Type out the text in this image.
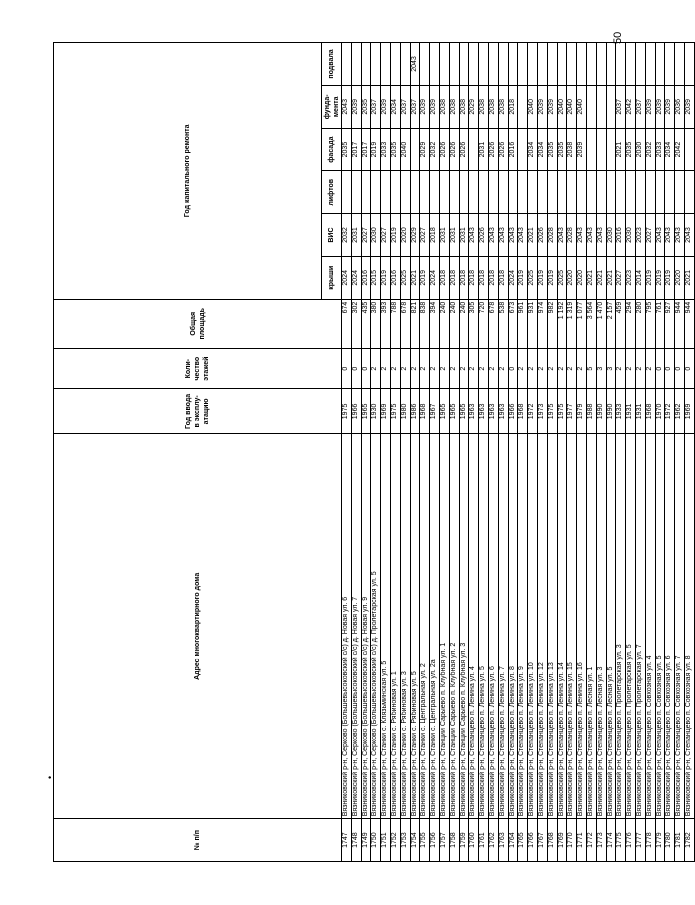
50
•
№ п/п	Адрес многоквартирного дома	Год ввода в эксплу-атацию	Коли-чество этажей	Общая площадь	Год капитального ремонта					
					крыши	ВИС	лифтов	фасада	фунда-мента	подвала
1747	Вязниковский р-н, Серково (Большевысоковский с/с) д. Новая ул. 6	1975	0	674	2024	2032		2035	2043	
1748	Вязниковский р-н, Серково (Большевысоковский с/с) д. Новая ул. 7	1966	0	302	2024	2031		2017	2039	
1749	Вязниковский р-н, Серково (Большевысоковский с/с) д. Новая ул. 9	1965	0	435	2016	2027		2017	2035	
1750	Вязниковский р-н, Серково (Большевысоковский с/с) д. Пролетарская ул. 5	1930	2	380	2015	2030		2019	2037	
1751	Вязниковский р-н, Станки с. Клязьминская ул. 5	1969	2	393	2019	2027		2033	2039	
1752	Вязниковский р-н, Станки с. Рябиновая ул. 1	1975	2	788	2016	2019		2035	2034	
1753	Вязниковский р-н, Станки с. Рябиновая ул. 3	1980	2	678	2025	2020		2040	2037	
1754	Вязниковский р-н, Станки с. Рябиновая ул. 5	1986	2	821	2021	2029			2037	2043
1755	Вязниковский р-н, Станки с. Центральная ул. 2	1968	2	838	2019	2027		2029	2039	
1756	Вязниковский р-н, Станки с. Центральная ул. 2а	1967	2	394	2024	2018		2032	2039	
1757	Вязниковский р-н, Станции Сарыево п. Клубная ул. 1	1965	2	240	2018	2031		2026	2038	
1758	Вязниковский р-н, Станции Сарыево п. Клубная ул. 2	1965	2	240	2018	2031		2026	2038	
1759	Вязниковский р-н, Станции Сарыево п. Клубная ул. 3	1965	2	240	2018	2031		2026	2038	
1760	Вязниковский р-н, Степанцево п. Ленина ул. 4	1963	2	305	2018	2043			2029	
1761	Вязниковский р-н, Степанцево п. Ленина ул. 5	1963	2	720	2018	2026		2031	2038	
1762	Вязниковский р-н, Степанцево п. Ленина ул. 6	1963	2	678	2018	2043		2026	2038	
1763	Вязниковский р-н, Степанцево п. Ленина ул. 7	1963	2	538	2018	2043		2026	2038	
1764	Вязниковский р-н, Степанцево п. Ленина ул. 8	1966	0	673	2024	2043		2016	2018	
1765	Вязниковский р-н, Степанцево п. Ленина ул. 9	1968	2	961	2019	2043				
1766	Вязниковский р-н, Степанцево п. Ленина ул. 10	1972	2	931	2025	2021		2034	2040	
1767	Вязниковский р-н, Степанцево п. Ленина ул. 12	1973	2	974	2019	2026		2034	2039	
1768	Вязниковский р-н, Степанцево п. Ленина ул. 13	1975	2	982	2019	2028		2035	2039	
1769	Вязниковский р-н, Степанцево п. Ленина ул. 14	1975	2	1 192	2025	2043		2035	2040	
1770	Вязниковский р-н, Степанцево п. Ленина ул. 15	1977	2	1 319	2020	2028		2038	2040	
1771	Вязниковский р-н, Степанцево п. Ленина ул. 16	1979	2	1 077	2020	2043		2039	2040	
1772	Вязниковский р-н, Степанцево п. Лесная ул. 1	1988	5	3 564	2021	2043				
1773	Вязниковский р-н, Степанцево п. Лесная ул. 3	1990	3	1 470	2021	2043				
1774	Вязниковский р-н, Степанцево п. Лесная ул. 5	1990	3	2 157	2021	2030				
1775	Вязниковский р-н, Степанцево п. Пролетарская ул. 3	1933	2	459	2027	2016		2021	2037	
1776	Вязниковский р-н, Степанцево п. Пролетарская ул. 5	1931	2	294	2023	2030		2035	2042	
1777	Вязниковский р-н, Степанцево п. Пролетарская ул. 7	1931	2	280	2014	2023		2030	2037	
1778	Вязниковский р-н, Степанцево п. Совхозная ул. 4	1968	2	795	2019	2027		2032	2039	
1779	Вязниковский р-н, Степанцево п. Совхозная ул. 5	1970	0	761	2019	2043		2033	2039	
1780	Вязниковский р-н, Степанцево п. Совхозная ул. 6	1972	0	927	2019	2043		2034	2039	
1781	Вязниковский р-н, Степанцево п. Совхозная ул. 7	1962	0	944	2020	2043		2042	2036	
1782	Вязниковский р-н, Степанцево п. Совхозная ул. 8	1969	0	944	2021	2043			2039	
